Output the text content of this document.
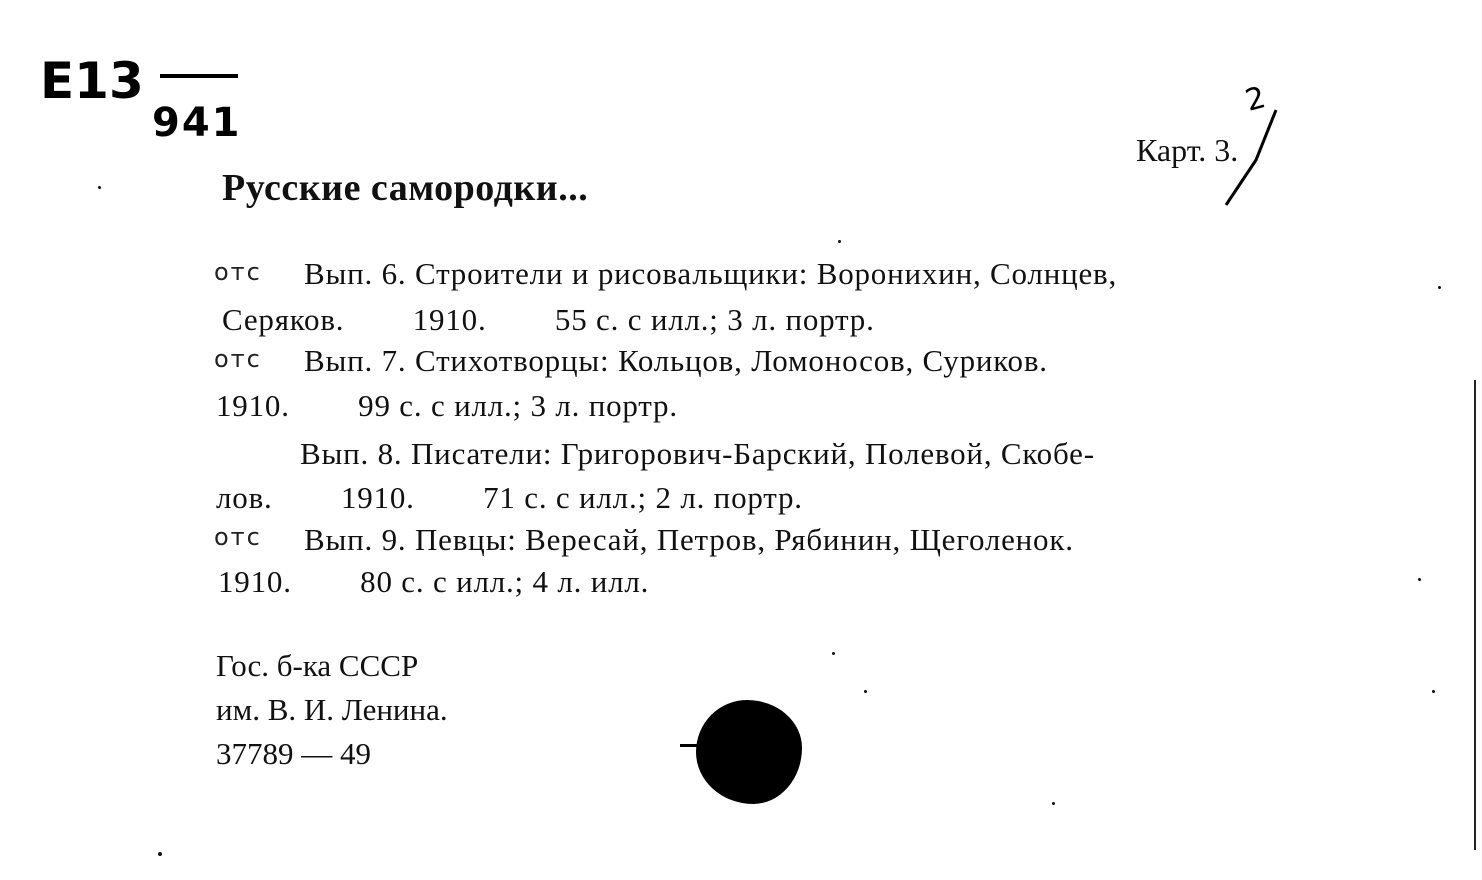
E13
941
Карт. 3.
2
Русские самородки...
отс Вып. 6. Строители и рисовальщики: Воронихин, Солнцев,
Серяков.        1910.        55 с. с илл.; 3 л. портр.
отс Вып. 7. Стихотворцы: Кольцов, Ломоносов, Суриков.
1910.        99 с. с илл.; 3 л. портр.
Вып. 8. Писатели: Григорович-Барский, Полевой, Скобе-
лов.        1910.        71 с. с илл.; 2 л. портр.
отс Вып. 9. Певцы: Вересай, Петров, Рябинин, Щеголенок.
1910.        80 с. с илл.; 4 л. илл.
Гос. б-ка СССР
им. В. И. Ленина.
37789 — 49
